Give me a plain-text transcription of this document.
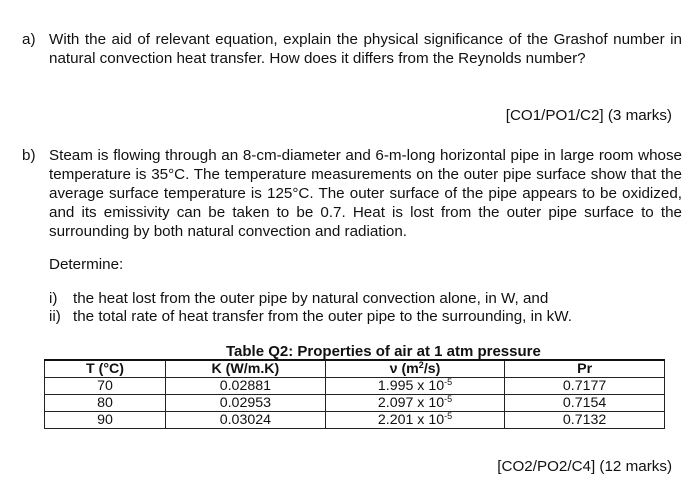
a) With the aid of relevant equation, explain the physical significance of the Grashof number in natural convection heat transfer. How does it differs from the Reynolds number?
[CO1/PO1/C2] (3 marks)
b) Steam is flowing through an 8-cm-diameter and 6-m-long horizontal pipe in large room whose temperature is 35°C. The temperature measurements on the outer pipe surface show that the average surface temperature is 125°C. The outer surface of the pipe appears to be oxidized, and its emissivity can be taken to be 0.7. Heat is lost from the outer pipe surface to the surrounding by both natural convection and radiation.
Determine:
i) the heat lost from the outer pipe by natural convection alone, in W, and
ii) the total rate of heat transfer from the outer pipe to the surrounding, in kW.
Table Q2: Properties of air at 1 atm pressure
T (°C)	K (W/m.K)	ν $(m^2/s)$	Pr
70	0.02881	1.995 x $10^{-5}$	0.7177
80	0.02953	2.097 x $10^{-5}$	0.7154
90	0.03024	2.201 x $10^{-5}$	0.7132
[CO2/PO2/C4] (12 marks)
